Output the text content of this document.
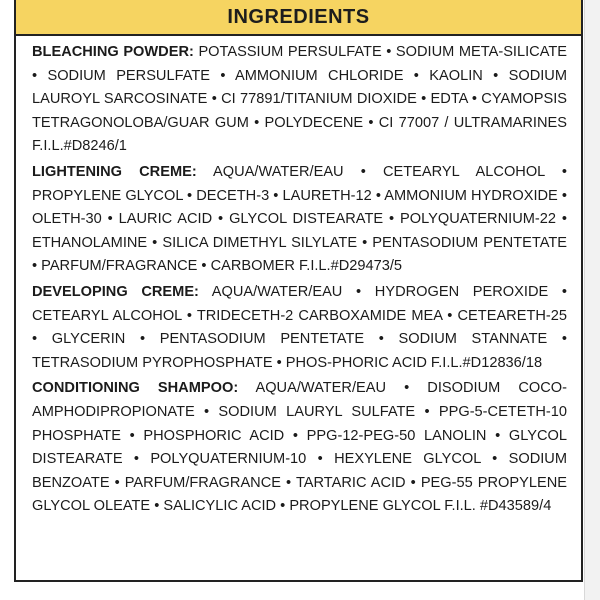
INGREDIENTS

BLEACHING POWDER: POTASSIUM PERSULFATE • SODIUM META-SILICATE • SODIUM PERSULFATE • AMMONIUM CHLORIDE • KAOLIN • SODIUM LAUROYL SARCOSINATE • CI 77891/TITANIUM DIOXIDE • EDTA • CYAMOPSIS TETRAGONOLOBA/GUAR GUM • POLYDECENE • CI 77007 / ULTRAMARINES F.I.L.#D8246/1

LIGHTENING CREME: AQUA/WATER/EAU • CETEARYL ALCOHOL • PROPYLENE GLYCOL • DECETH-3 • LAURETH-12 • AMMONIUM HYDROXIDE • OLETH-30 • LAURIC ACID • GLYCOL DISTEARATE • POLYQUATERNIUM-22 • ETHANOLAMINE • SILICA DIMETHYL SILYLATE • PENTASODIUM PENTETATE • PARFUM/FRAGRANCE • CARBOMER F.I.L.#D29473/5

DEVELOPING CREME: AQUA/WATER/EAU • HYDROGEN PEROXIDE • CETEARYL ALCOHOL • TRIDECETH-2 CARBOXAMIDE MEA • CETEARETH-25 • GLYCERIN • PENTASODIUM PENTETATE • SODIUM STANNATE • TETRASODIUM PYROPHOSPHATE • PHOS-PHORIC ACID F.I.L.#D12836/18

CONDITIONING SHAMPOO: AQUA/WATER/EAU • DISODIUM COCO-AMPHODIPROPIONATE • SODIUM LAURYL SULFATE • PPG-5-CETETH-10 PHOSPHATE • PHOSPHORIC ACID • PPG-12-PEG-50 LANOLIN • GLYCOL DISTEARATE • POLYQUATERNIUM-10 • HEXYLENE GLYCOL • SODIUM BENZOATE • PARFUM/FRAGRANCE • TARTARIC ACID • PEG-55 PROPYLENE GLYCOL OLEATE • SALICYLIC ACID • PROPYLENE GLYCOL F.I.L. #D43589/4
